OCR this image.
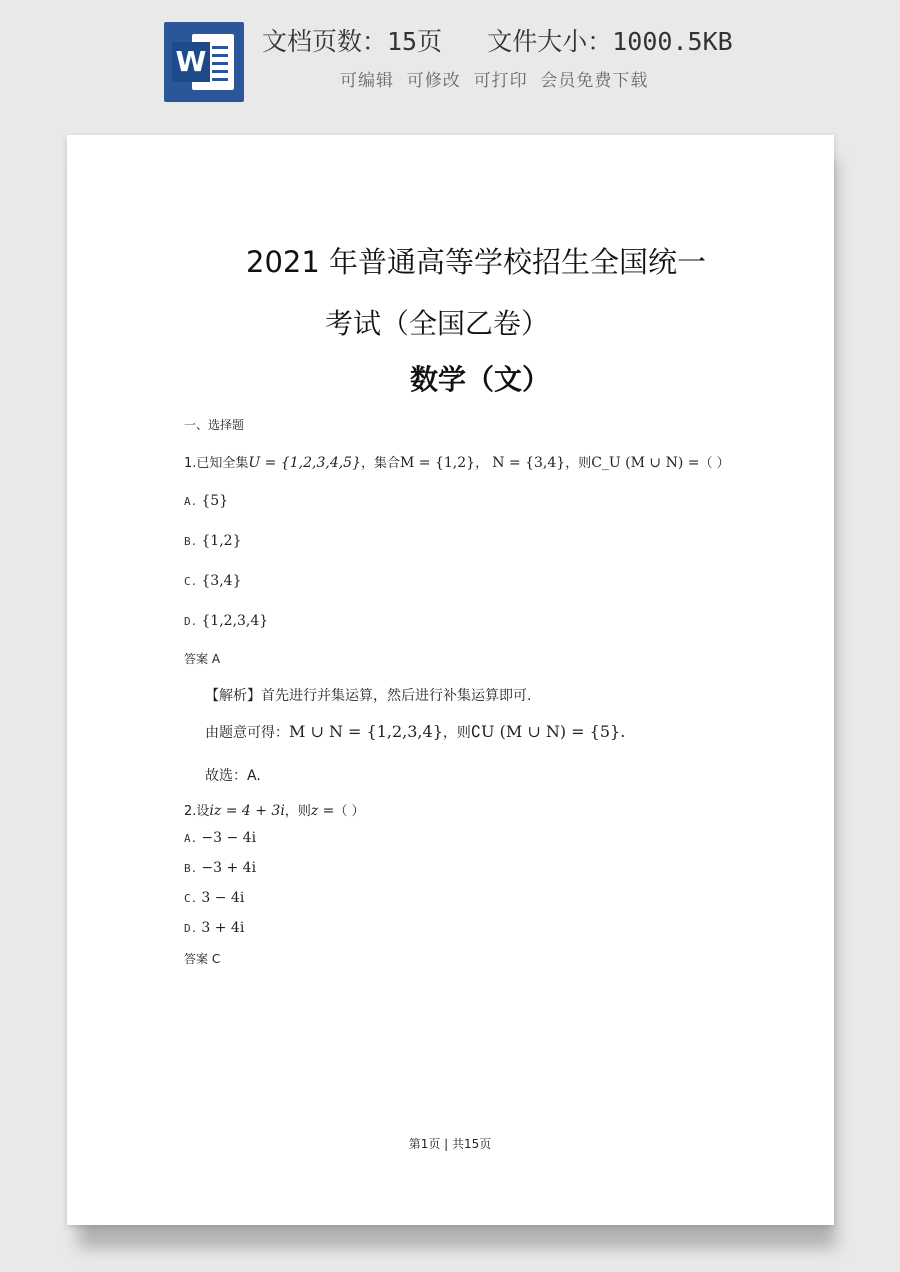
W
文档页数：15页   文件大小：1000.5KB
可编辑  可修改  可打印  会员免费下载
2021 年普通高等学校招生全国统一
考试（全国乙卷）
数学（文）
一、选择题
1.已知全集U = {1,2,3,4,5}，集合M = {1,2}， N = {3,4}，则C_U (M ∪ N) =（ ）
A. {5}
B. {1,2}
C. {3,4}
D. {1,2,3,4}
答案 A
【解析】首先进行并集运算，然后进行补集运算即可.
由题意可得：M ∪ N = {1,2,3,4}，则∁U (M ∪ N) = {5}.
故选：A.
2.设iz = 4 + 3i，则z =（ ）
A. −3 − 4i
B. −3 + 4i
C. 3 − 4i
D. 3 + 4i
答案 C
第1页 | 共15页
